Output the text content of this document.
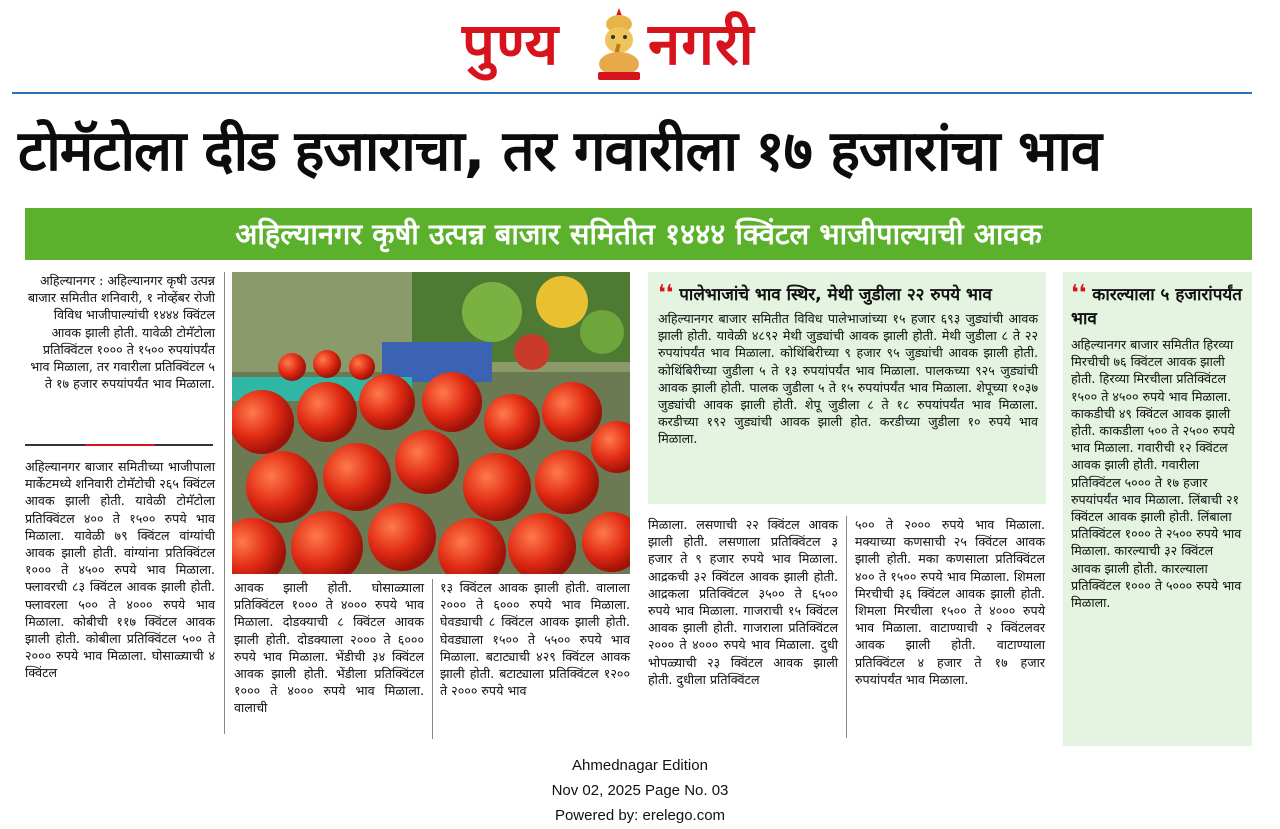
पुण्य नगरी
टोमॅटोला दीड हजाराचा, तर गवारीला १७ हजारांचा भाव
अहिल्यानगर कृषी उत्पन्न बाजार समितीत १४४४ क्विंटल भाजीपाल्याची आवक

अहिल्यानगर : अहिल्यानगर कृषी उत्पन्न बाजार समितीत शनिवारी, १ नोव्हेंबर रोजी विविध भाजीपाल्यांची १४४४ क्विंटल आवक झाली होती. यावेळी टोमॅटोला प्रतिक्विंटल १००० ते १५०० रुपयांपर्यंत भाव मिळाला, तर गवारीला प्रतिक्विंटल ५ ते १७ हजार रुपयांपर्यंत भाव मिळाला.

अहिल्यानगर बाजार समितीच्या भाजीपाला मार्केटमध्ये शनिवारी टोमॅटोची २६५ क्विंटल आवक झाली होती. यावेळी टोमॅटोला प्रतिक्विंटल ४०० ते १५०० रुपये भाव मिळाला. यावेळी ७९ क्विंटल वांग्यांची आवक झाली होती. वांग्यांना प्रतिक्विंटल १००० ते ४५०० रुपये भाव मिळाला. फ्लावरची ८३ क्विंटल आवक झाली होती. फ्लावरला ५०० ते ४००० रुपये भाव मिळाला. कोबीची ११७ क्विंटल आवक झाली होती. कोबीला प्रतिक्विंटल ५०० ते २००० रुपये भाव मिळाला. घोसाळ्याची ४ क्विंटल

आवक झाली होती. घोसाळ्याला प्रतिक्विंटल १००० ते ४००० रुपये भाव मिळाला. दोडक्याची ८ क्विंटल आवक झाली होती. दोडक्याला २००० ते ६००० रुपये भाव मिळाला. भेंडीची ३४ क्विंटल आवक झाली होती. भेंडीला प्रतिक्विंटल १००० ते ४००० रुपये भाव मिळाला. वालाची

१३ क्विंटल आवक झाली होती. वालाला २००० ते ६००० रुपये भाव मिळाला. घेवड्याची ८ क्विंटल आवक झाली होती. घेवड्याला १५०० ते ५५०० रुपये भाव मिळाला. बटाट्याची ४२९ क्विंटल आवक झाली होती. बटाट्याला प्रतिक्विंटल १२०० ते २००० रुपये भाव

❛❛ पालेभाजांचे भाव स्थिर, मेथी जुडीला २२ रुपये भाव
अहिल्यानगर बाजार समितीत विविध पालेभाजांच्या १५ हजार ६९३ जुड्यांची आवक झाली होती. यावेळी ४८९२ मेथी जुड्यांची आवक झाली होती. मेथी जुडीला ८ ते २२ रुपयांपर्यंत भाव मिळाला. कोथिंबिरीच्या ९ हजार ९५ जुड्यांची आवक झाली होती. कोथिंबिरीच्या जुडीला ५ ते १३ रुपयांपर्यंत भाव मिळाला. पालकच्या ९२५ जुड्यांची आवक झाली होती. पालक जुडीला ५ ते १५ रुपयांपर्यंत भाव मिळाला. शेपूच्या १०३७ जुड्यांची आवक झाली होती. शेपू जुडीला ८ ते १८ रुपयांपर्यंत भाव मिळाला. करडीच्या १९२ जुड्यांची आवक झाली होत. करडीच्या जुडीला १० रुपये भाव मिळाला.

मिळाला. लसणाची २२ क्विंटल आवक झाली होती. लसणाला प्रतिक्विंटल ३ हजार ते ९ हजार रुपये भाव मिळाला. आद्रकची ३२ क्विंटल आवक झाली होती. आद्रकला प्रतिक्विंटल ३५०० ते ६५०० रुपये भाव मिळाला. गाजराची १५ क्विंटल आवक झाली होती. गाजराला प्रतिक्विंटल २००० ते ४००० रुपये भाव मिळाला. दुधी भोपळ्याची २३ क्विंटल आवक झाली होती. दुधीला प्रतिक्विंटल

५०० ते २००० रुपये भाव मिळाला. मक्याच्या कणसाची २५ क्विंटल आवक झाली होती. मका कणसाला प्रतिक्विंटल ४०० ते १५०० रुपये भाव मिळाला. शिमला मिरचीची ३६ क्विंटल आवक झाली होती. शिमला मिरचीला १५०० ते ४००० रुपये भाव मिळाला. वाटाण्याची २ क्विंटलवर आवक झाली होती. वाटाण्याला प्रतिक्विंटल ४ हजार ते १७ हजार रुपयांपर्यंत भाव मिळाला.

❛❛ कारल्याला ५ हजारांपर्यंत भाव
अहिल्यानगर बाजार समितीत हिरव्या मिरचीची ७६ क्विंटल आवक झाली होती. हिरव्या मिरचीला प्रतिक्विंटल १५०० ते ४५०० रुपये भाव मिळाला. काकडीची ४९ क्विंटल आवक झाली होती. काकडीला ५०० ते २५०० रुपये भाव मिळाला. गवारीची १२ क्विंटल आवक झाली होती. गवारीला प्रतिक्विंटल ५००० ते १७ हजार रुपयांपर्यंत भाव मिळाला. लिंबाची २१ क्विंटल आवक झाली होती. लिंबाला प्रतिक्विंटल १००० ते २५०० रुपये भाव मिळाला. कारल्याची ३२ क्विंटल आवक झाली होती. कारल्याला प्रतिक्विंटल १००० ते ५००० रुपये भाव मिळाला.
Ahmednagar Edition
Nov 02, 2025 Page No. 03
Powered by: erelego.com
